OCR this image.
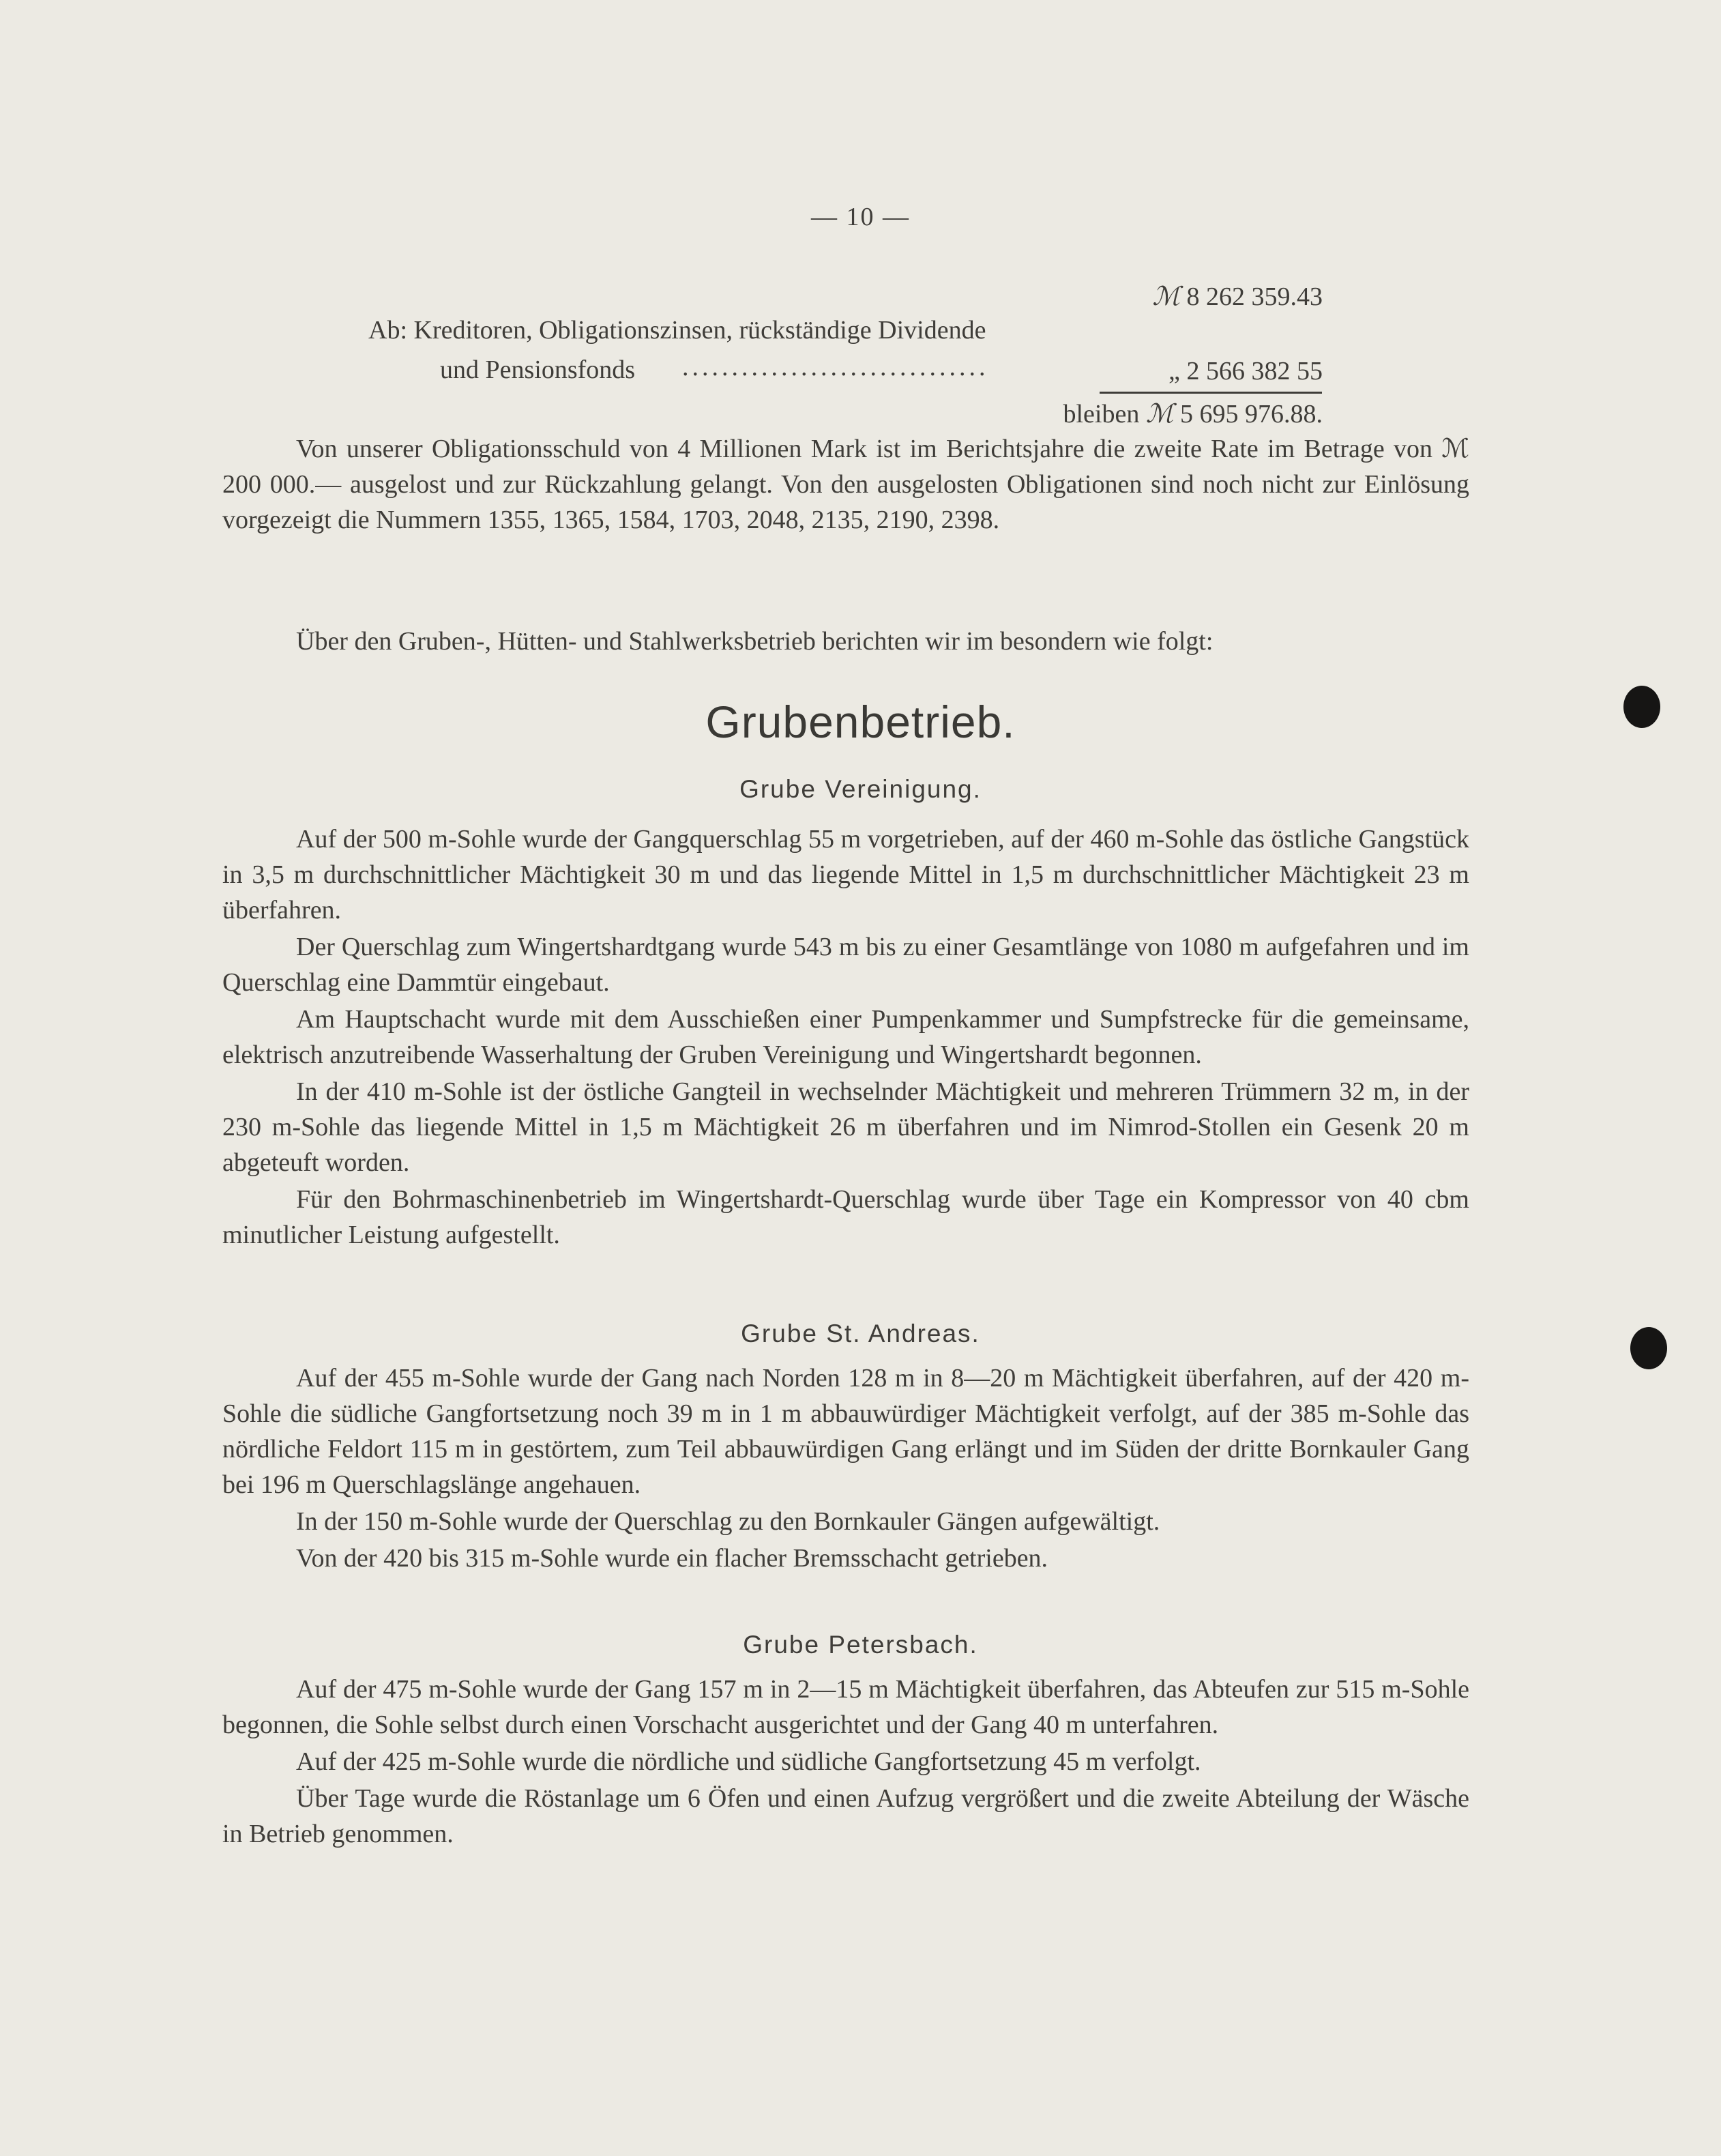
— 10 —
ℳ 8 262 359.43
Ab: Kreditoren, Obligationszinsen, rückständige Dividende
und Pensionsfonds ...............................	„ 2 566 382 55
bleiben ℳ 5 695 976.88.

Von unserer Obligationsschuld von 4 Millionen Mark ist im Berichtsjahre die zweite Rate im Betrage von ℳ 200 000.— ausgelost und zur Rückzahlung gelangt. Von den ausgelosten Obligationen sind noch nicht zur Einlösung vorgezeigt die Nummern 1355, 1365, 1584, 1703, 2048, 2135, 2190, 2398.

Über den Gruben-, Hütten- und Stahlwerksbetrieb berichten wir im besondern wie folgt:

Grubenbetrieb.
Grube Vereinigung.

Auf der 500 m-Sohle wurde der Gangquerschlag 55 m vorgetrieben, auf der 460 m-Sohle das östliche Gangstück in 3,5 m durchschnittlicher Mächtigkeit 30 m und das liegende Mittel in 1,5 m durchschnittlicher Mächtigkeit 23 m überfahren.

Der Querschlag zum Wingertshardtgang wurde 543 m bis zu einer Gesamtlänge von 1080 m aufgefahren und im Querschlag eine Dammtür eingebaut.

Am Hauptschacht wurde mit dem Ausschießen einer Pumpenkammer und Sumpfstrecke für die gemeinsame, elektrisch anzutreibende Wasserhaltung der Gruben Vereinigung und Wingertshardt begonnen.

In der 410 m-Sohle ist der östliche Gangteil in wechselnder Mächtigkeit und mehreren Trümmern 32 m, in der 230 m-Sohle das liegende Mittel in 1,5 m Mächtigkeit 26 m überfahren und im Nimrod-Stollen ein Gesenk 20 m abgeteuft worden.

Für den Bohrmaschinenbetrieb im Wingertshardt-Querschlag wurde über Tage ein Kompressor von 40 cbm minutlicher Leistung aufgestellt.

Grube St. Andreas.

Auf der 455 m-Sohle wurde der Gang nach Norden 128 m in 8—20 m Mächtigkeit überfahren, auf der 420 m-Sohle die südliche Gangfortsetzung noch 39 m in 1 m abbauwürdiger Mächtigkeit verfolgt, auf der 385 m-Sohle das nördliche Feldort 115 m in gestörtem, zum Teil abbauwürdigen Gang erlängt und im Süden der dritte Bornkauler Gang bei 196 m Querschlagslänge angehauen.

In der 150 m-Sohle wurde der Querschlag zu den Bornkauler Gängen aufgewältigt.

Von der 420 bis 315 m-Sohle wurde ein flacher Bremsschacht getrieben.

Grube Petersbach.

Auf der 475 m-Sohle wurde der Gang 157 m in 2—15 m Mächtigkeit überfahren, das Abteufen zur 515 m-Sohle begonnen, die Sohle selbst durch einen Vorschacht ausgerichtet und der Gang 40 m unterfahren.

Auf der 425 m-Sohle wurde die nördliche und südliche Gangfortsetzung 45 m verfolgt.

Über Tage wurde die Röstanlage um 6 Öfen und einen Aufzug vergrößert und die zweite Abteilung der Wäsche in Betrieb genommen.
